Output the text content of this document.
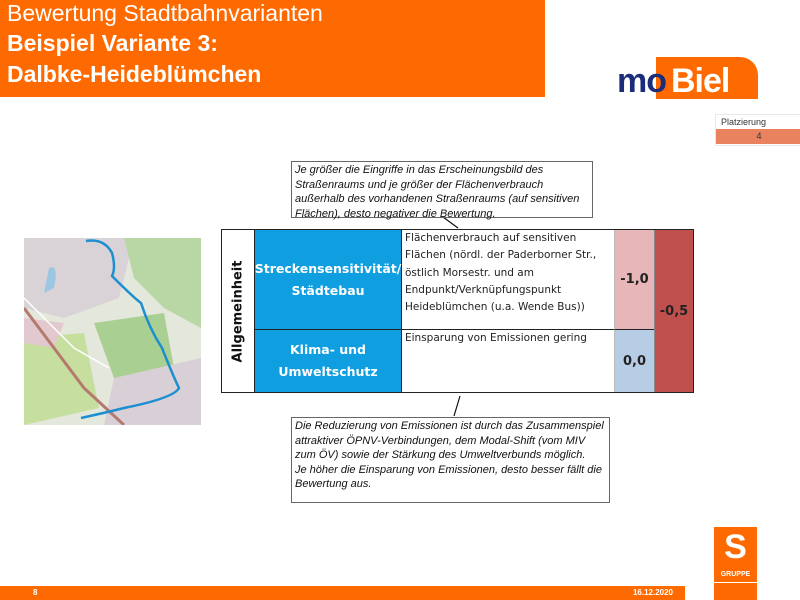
Bewertung Stadtbahnvarianten
Beispiel Variante 3:
Dalbke-Heideblümchen	mo Biel
Platzierung
4
Je größer die Eingriffe in das Erscheinungsbild des Straßenraums und je größer der Flächenverbrauch außerhalb des vorhandenen Straßenraums (auf sensitiven Flächen), desto negativer die Bewertung.
Allgemeinheit Streckensensitivität/ Städtebau
Flächenverbrauch auf sensitiven Flächen (nördl. der Paderborner Str., östlich Morsestr. und am Endpunkt/Verknüpfungspunkt Heideblümchen (u.a. Wende Bus))
-1,0
Klima- und Umweltschutz
Einsparung von Emissionen gering
0,0
-0,5
Die Reduzierung von Emissionen ist durch das Zusammenspiel attraktiver ÖPNV-Verbindungen, dem Modal-Shift (vom MIV zum ÖV) sowie der Stärkung des Umweltverbunds möglich.
Je höher die Einsparung von Emissionen, desto besser fällt die Bewertung aus.
8	16.12.2020
S
GRUPPE
